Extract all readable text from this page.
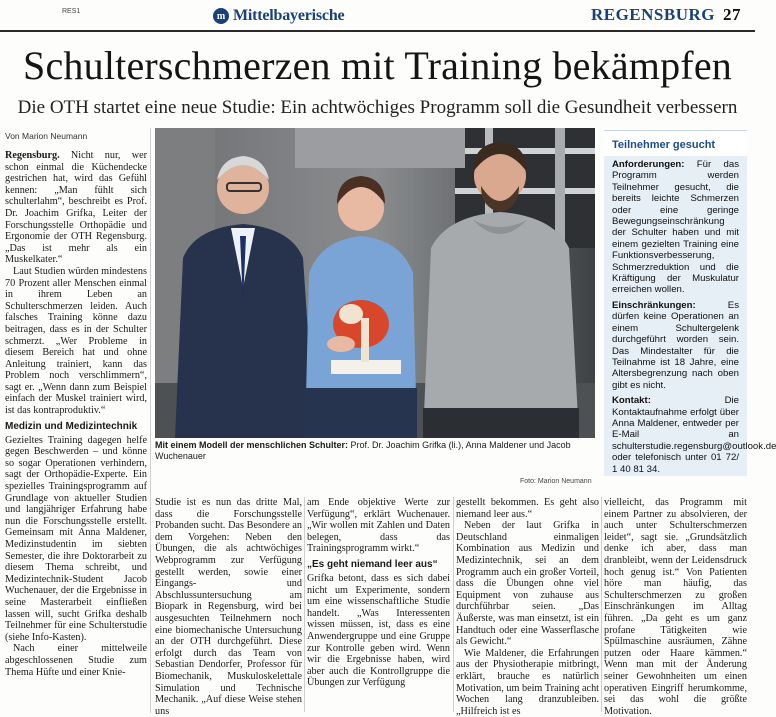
RES1	m Mittelbayerische	REGENSBURG 27
Schulterschmerzen mit Training bekämpfen
Die OTH startet eine neue Studie: Ein achtwöchiges Programm soll die Gesundheit verbessern
Von Marion Neumann

Regensburg. Nicht nur, wer schon einmal die Küchendecke gestrichen hat, wird das Gefühl kennen: „Man fühlt sich schulterlahm“, beschreibt es Prof. Dr. Joachim Grifka, Leiter der Forschungsstelle Orthopädie und Ergonomie der OTH Regensburg. „Das ist mehr als ein Muskelkater.“

Laut Studien würden mindestens 70 Prozent aller Menschen einmal in ihrem Leben an Schulterschmerzen leiden. Auch falsches Training könne dazu beitragen, dass es in der Schulter schmerzt. „Wer Probleme in diesem Bereich hat und ohne Anleitung trainiert, kann das Problem noch verschlimmern“, sagt er. „Wenn dann zum Beispiel einfach der Muskel trainiert wird, ist das kontraproduktiv.“

Medizin und Medizintechnik

Gezieltes Training dagegen helfe gegen Beschwerden – und könne so sogar Operationen verhindern, sagt der Orthopädie-Experte. Ein spezielles Trainingsprogramm auf Grundlage von aktueller Studien und langjähriger Erfahrung habe nun die Forschungsstelle erstellt. Gemeinsam mit Anna Maldener, Medizinstudentin im siebten Semester, die ihre Doktorarbeit zu diesem Thema schreibt, und Medizintechnik-Student Jacob Wuchenauer, der die Ergebnisse in seine Masterarbeit einfließen lassen will, sucht Grifka deshalb Teilnehmer für eine Schulterstudie (siehe Info-Kasten).

Nach einer mittelweile abgeschlossenen Studie zum Thema Hüfte und einer Knie-

Mit einem Modell der menschlichen Schulter: Prof. Dr. Joachim Grifka (li.), Anna Maldener und Jacob Wuchenauer
Foto: Marion Neumann
Teilnehmer gesucht

Anforderungen: Für das Programm werden Teilnehmer gesucht, die bereits leichte Schmerzen oder eine geringe Bewegungseinschränkung der Schulter haben und mit einem gezielten Training eine Funktionsverbesserung, Schmerzreduktion und die Kräftigung der Muskulatur erreichen wollen.

Einschränkungen: Es dürfen keine Operationen an einem Schultergelenk durchgeführt worden sein. Das Mindestalter für die Teilnahme ist 18 Jahre, eine Altersbegrenzung nach oben gibt es nicht.

Kontakt: Die Kontaktaufnahme erfolgt über Anna Maldener, entweder per E-Mail an schulterstudie.regensburg@outlook.de oder telefonisch unter 01 72/ 1 40 81 34.

Studie ist es nun das dritte Mal, dass die Forschungsstelle Probanden sucht. Das Besondere an dem Vorgehen: Neben den Übungen, die als achtwöchiges Webprogramm zur Verfügung gestellt werden, sowie einer Eingangs- und Abschlussuntersuchung am Biopark in Regensburg, wird bei ausgesuchten Teilnehmern noch eine biomechanische Untersuchung an der OTH durchgeführt. Diese erfolgt durch das Team von Sebastian Dendorfer, Professor für Biomechanik, Muskuloskelettale Simulation und Technische Mechanik. „Auf diese Weise stehen uns

am Ende objektive Werte zur Verfügung“, erklärt Wuchenauer. „Wir wollen mit Zahlen und Daten belegen, dass das Trainingsprogramm wirkt.“

„Es geht niemand leer aus“

Grifka betont, dass es sich dabei nicht um Experimente, sondern um eine wissenschaftliche Studie handelt. „Was Interessenten wissen müssen, ist, dass es eine Anwendergruppe und eine Gruppe zur Kontrolle geben wird. Wenn wir die Ergebnisse haben, wird aber auch die Kontrollgruppe die Übungen zur Verfügung

gestellt bekommen. Es geht also niemand leer aus.“

Neben der laut Grifka in Deutschland einmaligen Kombination aus Medizin und Medizintechnik, sei an dem Programm auch ein großer Vorteil, dass die Übungen ohne viel Equipment von zuhause aus durchführbar seien. „Das Äußerste, was man einsetzt, ist ein Handtuch oder eine Wasserflasche als Gewicht.“

Wie Maldener, die Erfahrungen aus der Physiotherapie mitbringt, erklärt, brauche es natürlich Motivation, um beim Training acht Wochen lang dranzubleiben. „Hilfreich ist es

vielleicht, das Programm mit einem Partner zu absolvieren, der auch unter Schulterschmerzen leidet“, sagt sie. „Grundsätzlich denke ich aber, dass man dranbleibt, wenn der Leidensdruck hoch genug ist.“ Von Patienten höre man häufig, das Schulterschmerzen zu großen Einschränkungen im Alltag führen. „Da geht es um ganz profane Tätigkeiten wie Spülmaschine ausräumen, Zähne putzen oder Haare kämmen.“ Wenn man mit der Änderung seiner Gewohnheiten um einen operativen Eingriff herumkomme, sei das wohl die größte Motivation.
